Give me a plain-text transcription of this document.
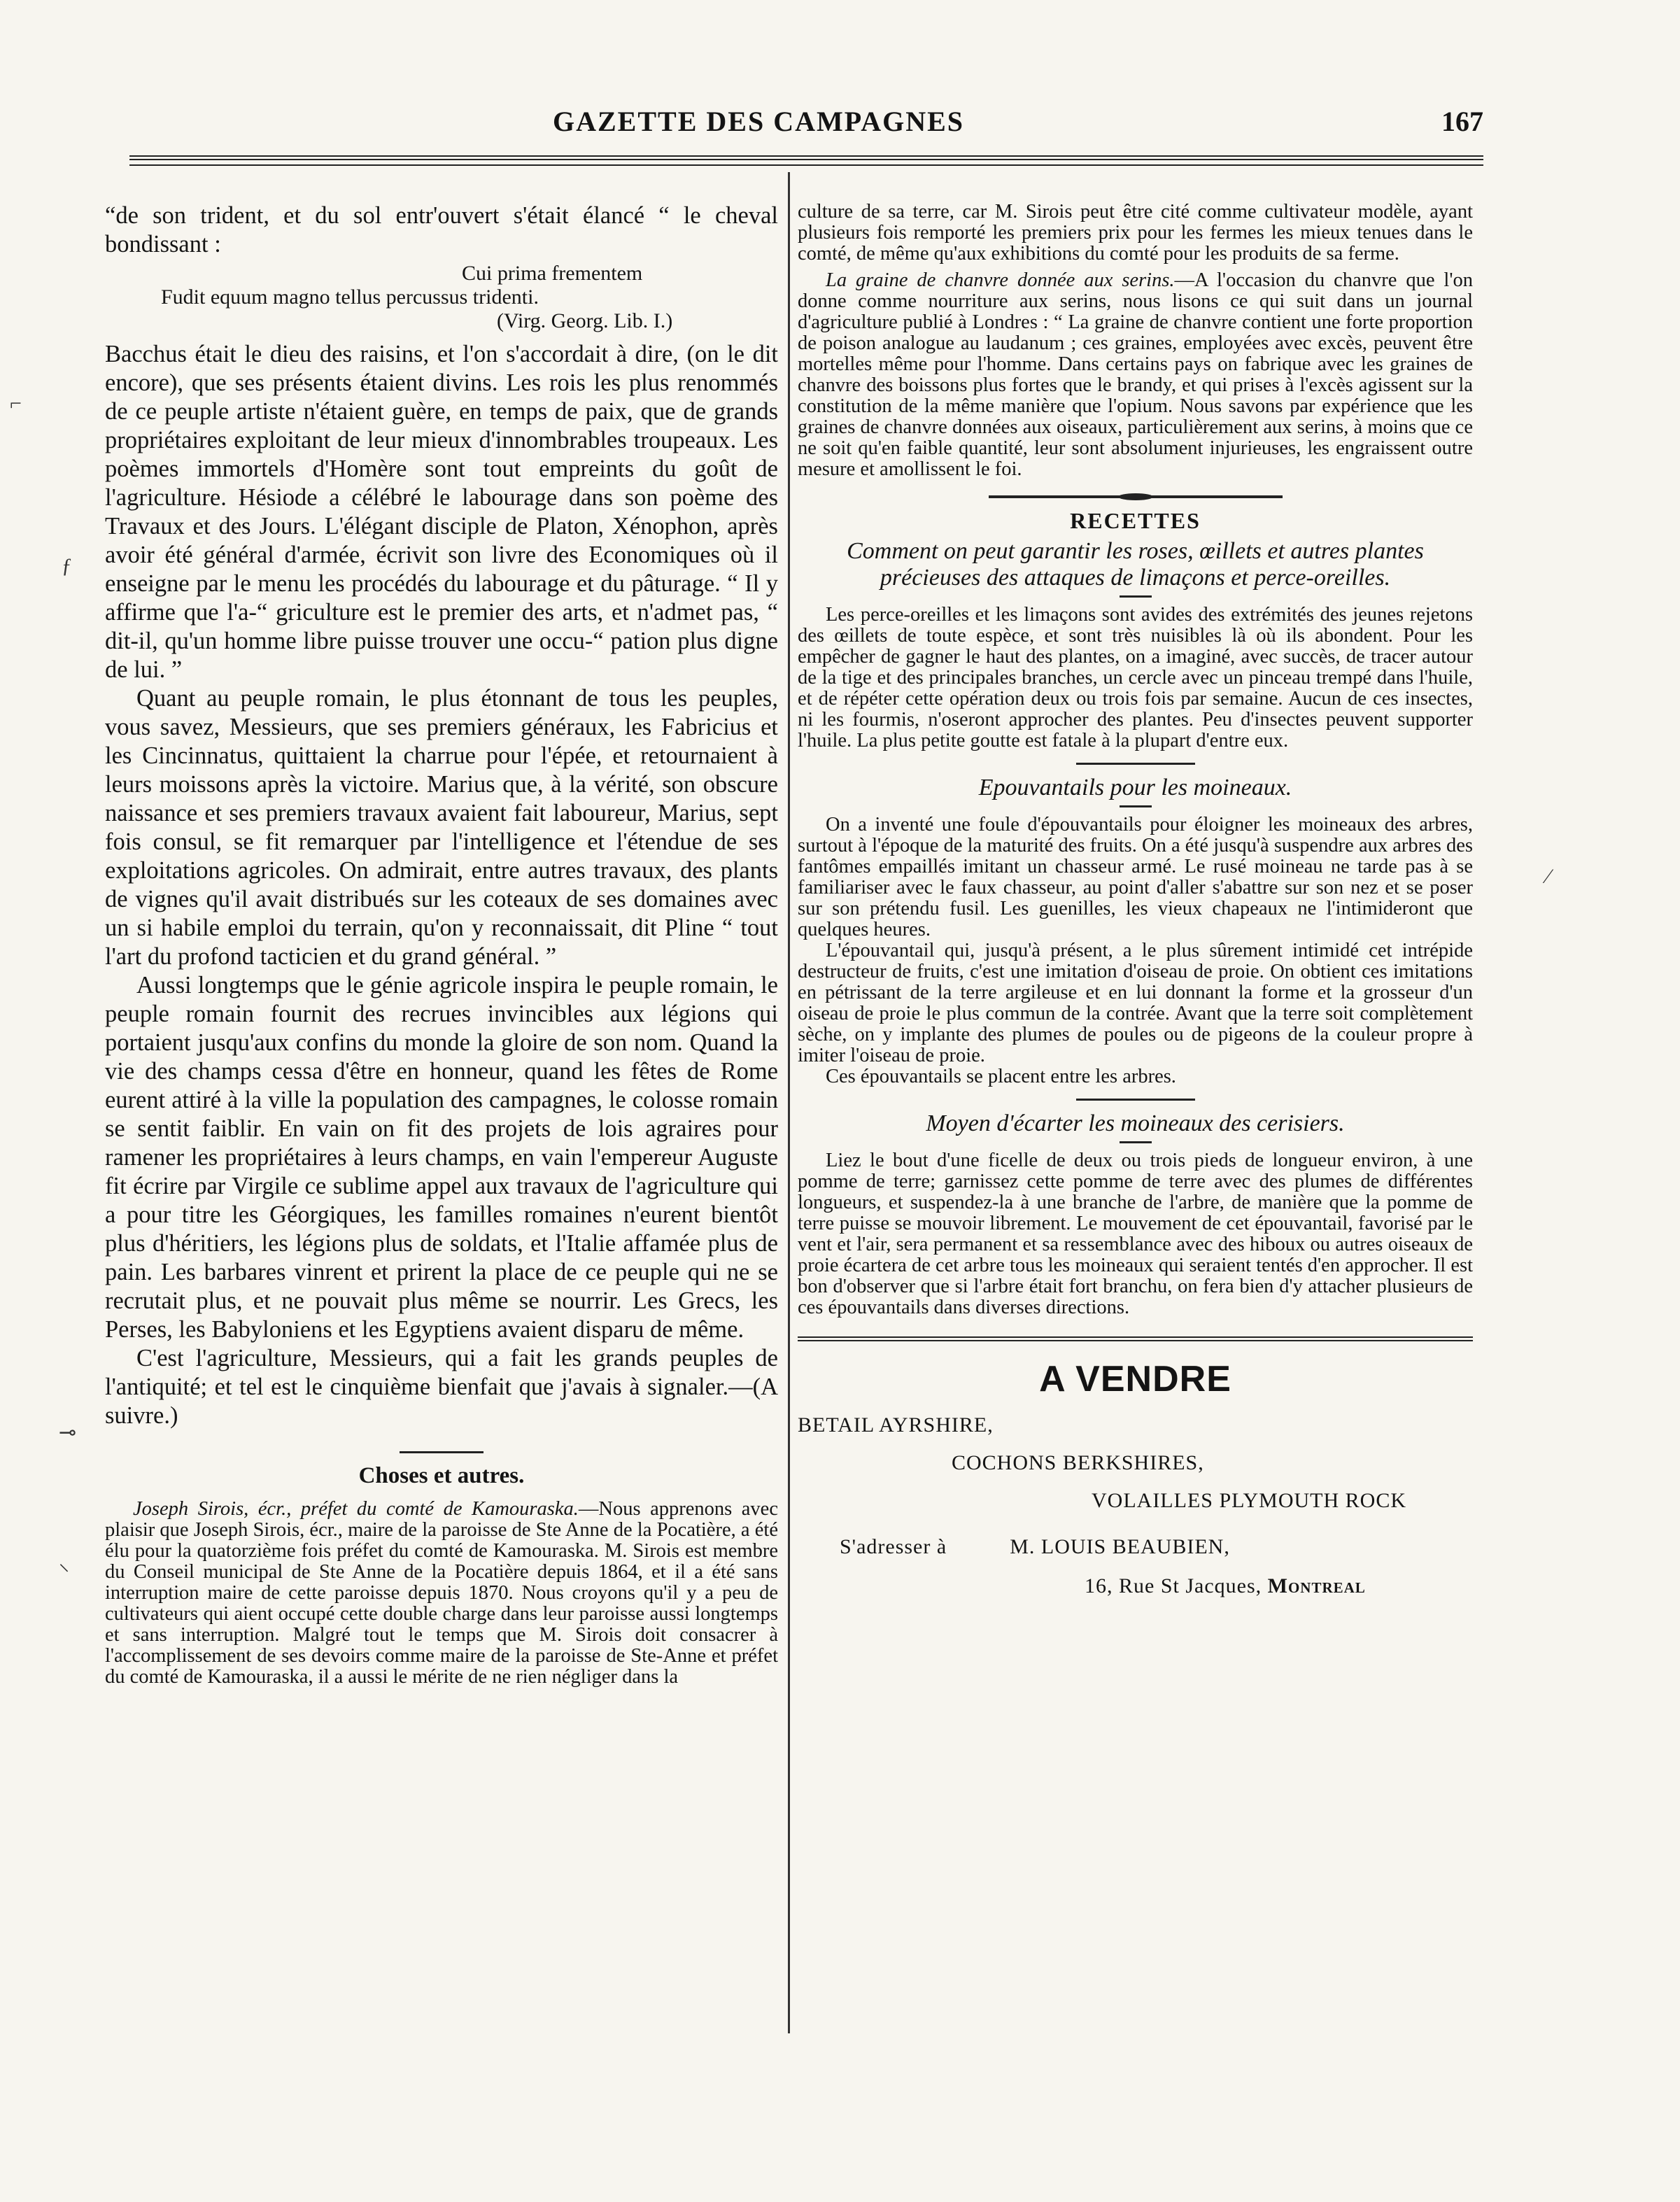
GAZETTE DES CAMPAGNES	167

“de son trident, et du sol entr'ouvert s'était élancé “ le cheval bondissant :

Cui prima frementem
Fudit equum magno tellus percussus tridenti.
(Virg. Georg. Lib. I.)

Bacchus était le dieu des raisins, et l'on s'accordait à dire, (on le dit encore), que ses présents étaient divins. Les rois les plus renommés de ce peuple artiste n'étaient guère, en temps de paix, que de grands propriétaires exploitant de leur mieux d'innombrables troupeaux. Les poèmes immortels d'Homère sont tout empreints du goût de l'agriculture. Hésiode a célébré le labourage dans son poème des Travaux et des Jours. L'élégant disciple de Platon, Xénophon, après avoir été général d'armée, écrivit son livre des Economiques où il enseigne par le menu les procédés du labourage et du pâturage. “ Il y affirme que l'a-“ griculture est le premier des arts, et n'admet pas, “ dit-il, qu'un homme libre puisse trouver une occu-“ pation plus digne de lui. ”

Quant au peuple romain, le plus étonnant de tous les peuples, vous savez, Messieurs, que ses premiers généraux, les Fabricius et les Cincinnatus, quittaient la charrue pour l'épée, et retournaient à leurs moissons après la victoire. Marius que, à la vérité, son obscure naissance et ses premiers travaux avaient fait laboureur, Marius, sept fois consul, se fit remarquer par l'intelligence et l'étendue de ses exploitations agricoles. On admirait, entre autres travaux, des plants de vignes qu'il avait distribués sur les coteaux de ses domaines avec un si habile emploi du terrain, qu'on y reconnaissait, dit Pline “ tout l'art du profond tacticien et du grand général. ”

Aussi longtemps que le génie agricole inspira le peuple romain, le peuple romain fournit des recrues invincibles aux légions qui portaient jusqu'aux confins du monde la gloire de son nom. Quand la vie des champs cessa d'être en honneur, quand les fêtes de Rome eurent attiré à la ville la population des campagnes, le colosse romain se sentit faiblir. En vain on fit des projets de lois agraires pour ramener les propriétaires à leurs champs, en vain l'empereur Auguste fit écrire par Virgile ce sublime appel aux travaux de l'agriculture qui a pour titre les Géorgiques, les familles romaines n'eurent bientôt plus d'héritiers, les légions plus de soldats, et l'Italie affamée plus de pain. Les barbares vinrent et prirent la place de ce peuple qui ne se recrutait plus, et ne pouvait plus même se nourrir. Les Grecs, les Perses, les Babyloniens et les Egyptiens avaient disparu de même.

C'est l'agriculture, Messieurs, qui a fait les grands peuples de l'antiquité; et tel est le cinquième bienfait que j'avais à signaler.—(A suivre.)

Choses et autres.

Joseph Sirois, écr., préfet du comté de Kamouraska.—Nous apprenons avec plaisir que Joseph Sirois, écr., maire de la paroisse de Ste Anne de la Pocatière, a été élu pour la quatorzième fois préfet du comté de Kamouraska. M. Sirois est membre du Conseil municipal de Ste Anne de la Pocatière depuis 1864, et il a été sans interruption maire de cette paroisse depuis 1870. Nous croyons qu'il y a peu de cultivateurs qui aient occupé cette double charge dans leur paroisse aussi longtemps et sans interruption. Malgré tout le temps que M. Sirois doit consacrer à l'accomplissement de ses devoirs comme maire de la paroisse de Ste-Anne et préfet du comté de Kamouraska, il a aussi le mérite de ne rien négliger dans la

culture de sa terre, car M. Sirois peut être cité comme cultivateur modèle, ayant plusieurs fois remporté les premiers prix pour les fermes les mieux tenues dans le comté, de même qu'aux exhibitions du comté pour les produits de sa ferme.

La graine de chanvre donnée aux serins.—A l'occasion du chanvre que l'on donne comme nourriture aux serins, nous lisons ce qui suit dans un journal d'agriculture publié à Londres : “ La graine de chanvre contient une forte proportion de poison analogue au laudanum ; ces graines, employées avec excès, peuvent être mortelles même pour l'homme. Dans certains pays on fabrique avec les graines de chanvre des boissons plus fortes que le brandy, et qui prises à l'excès agissent sur la constitution de la même manière que l'opium. Nous savons par expérience que les graines de chanvre données aux oiseaux, particulièrement aux serins, à moins que ce ne soit qu'en faible quantité, leur sont absolument injurieuses, les engraissent outre mesure et amollissent le foi.

RECETTES
Comment on peut garantir les roses, œillets et autres plantes précieuses des attaques de limaçons et perce-oreilles.

Les perce-oreilles et les limaçons sont avides des extrémités des jeunes rejetons des œillets de toute espèce, et sont très nuisibles là où ils abondent. Pour les empêcher de gagner le haut des plantes, on a imaginé, avec succès, de tracer autour de la tige et des principales branches, un cercle avec un pinceau trempé dans l'huile, et de répéter cette opération deux ou trois fois par semaine. Aucun de ces insectes, ni les fourmis, n'oseront approcher des plantes. Peu d'insectes peuvent supporter l'huile. La plus petite goutte est fatale à la plupart d'entre eux.

Epouvantails pour les moineaux.

On a inventé une foule d'épouvantails pour éloigner les moineaux des arbres, surtout à l'époque de la maturité des fruits. On a été jusqu'à suspendre aux arbres des fantômes empaillés imitant un chasseur armé. Le rusé moineau ne tarde pas à se familiariser avec le faux chasseur, au point d'aller s'abattre sur son nez et se poser sur son prétendu fusil. Les guenilles, les vieux chapeaux ne l'intimideront que quelques heures.

L'épouvantail qui, jusqu'à présent, a le plus sûrement intimidé cet intrépide destructeur de fruits, c'est une imitation d'oiseau de proie. On obtient ces imitations en pétrissant de la terre argileuse et en lui donnant la forme et la grosseur d'un oiseau de proie le plus commun de la contrée. Avant que la terre soit complètement sèche, on y implante des plumes de poules ou de pigeons de la couleur propre à imiter l'oiseau de proie.

Ces épouvantails se placent entre les arbres.

Moyen d'écarter les moineaux des cerisiers.

Liez le bout d'une ficelle de deux ou trois pieds de longueur environ, à une pomme de terre; garnissez cette pomme de terre avec des plumes de différentes longueurs, et suspendez-la à une branche de l'arbre, de manière que la pomme de terre puisse se mouvoir librement. Le mouvement de cet épouvantail, favorisé par le vent et l'air, sera permanent et sa ressemblance avec des hiboux ou autres oiseaux de proie écartera de cet arbre tous les moineaux qui seraient tentés d'en approcher. Il est bon d'observer que si l'arbre était fort branchu, on fera bien d'y attacher plusieurs de ces épouvantails dans diverses directions.

A VENDRE
BETAIL AYRSHIRE,
COCHONS BERKSHIRES,
VOLAILLES PLYMOUTH ROCK
S'adresser à	M. LOUIS BEAUBIEN,
16, Rue St Jacques, Montreal
⌐
ƒ
⊸
⸜
⁄
